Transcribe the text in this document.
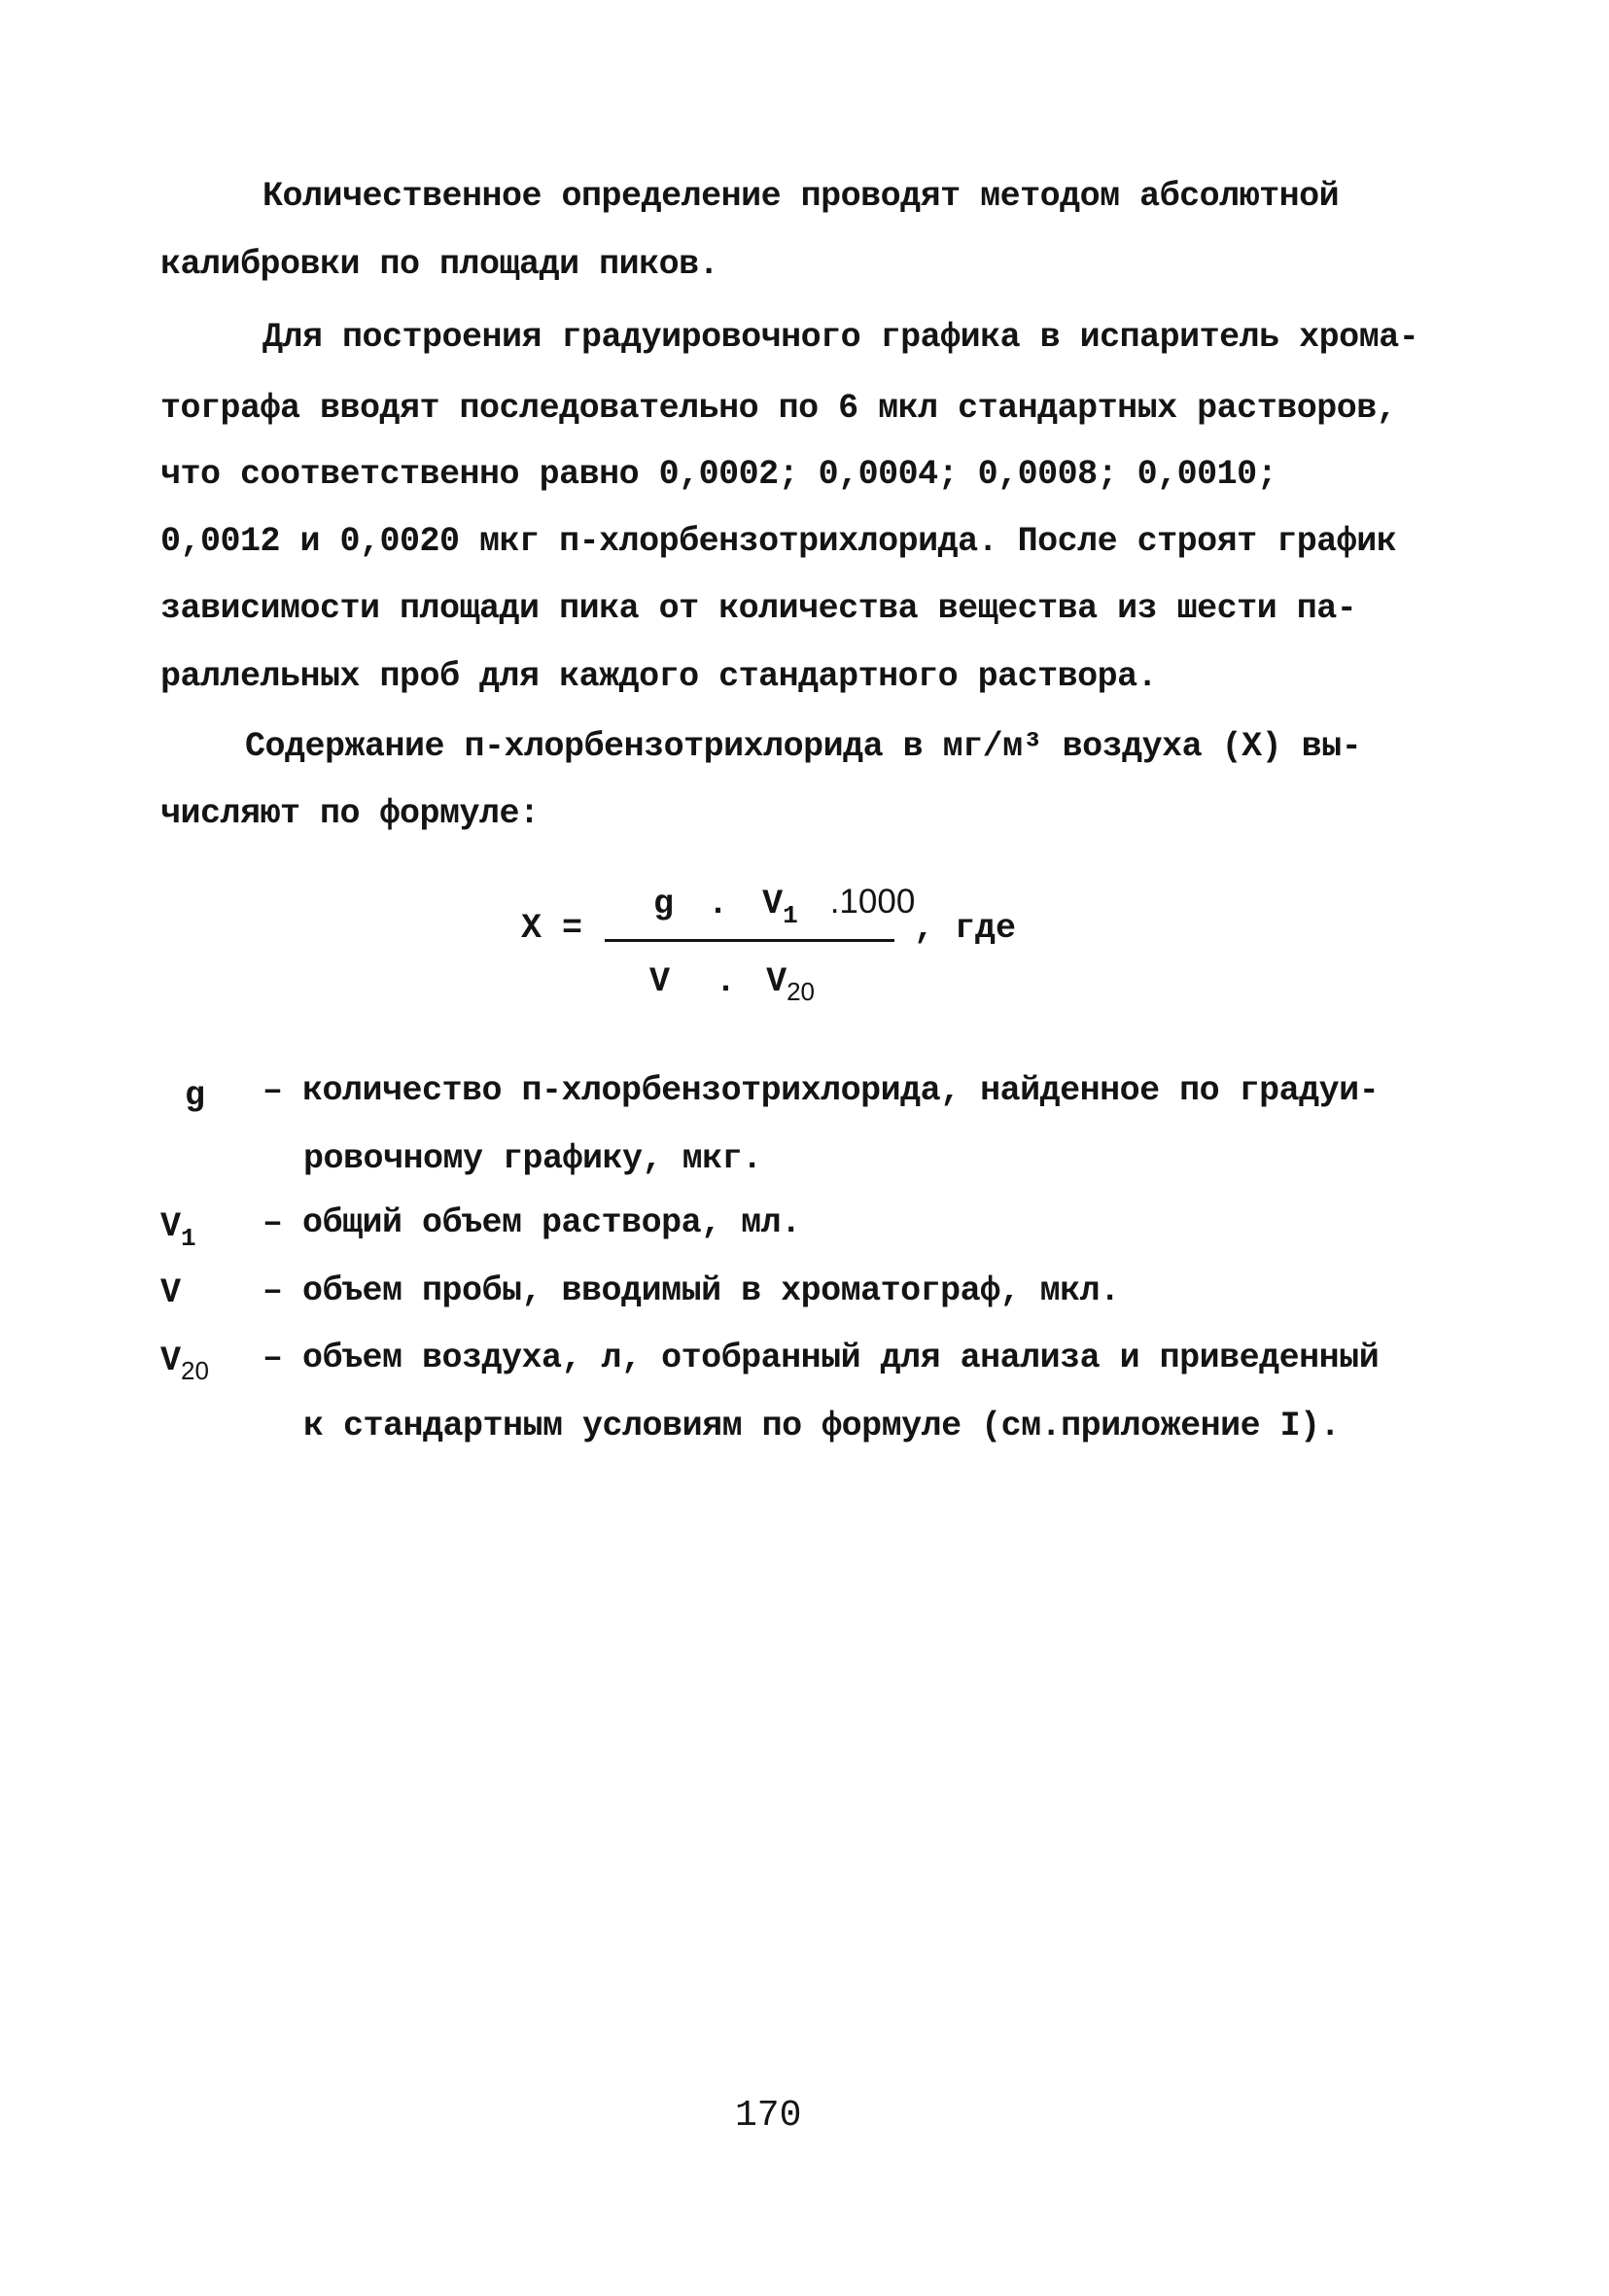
Количественное определение проводят методом абсолютной
калибровки по площади пиков.
Для построения градуировочного графика в испаритель хрома-
тографа вводят последовательно по 6 мкл стандартных растворов,
что соответственно равно 0,0002; 0,0004; 0,0008; 0,0010;
0,0012 и 0,0020 мкг п-хлорбензотрихлорида. После строят график
зависимости площади пика от количества вещества из шести па-
раллельных проб для каждого стандартного раствора.
Содержание п-хлорбензотрихлорида в мг/м³ воздуха (X) вы-
числяют по формуле:
X =
g . $V_1$ .1000
V . $V_{20}$
, где
g – количество п-хлорбензотрихлорида, найденное по градуи-
ровочному графику, мкг.
$V_1$ – общий объем раствора, мл.
V – объем пробы, вводимый в хроматограф, мкл.
$V_{20}$ – объем воздуха, л, отобранный для анализа и приведенный
к стандартным условиям по формуле (см.приложение I).
170
